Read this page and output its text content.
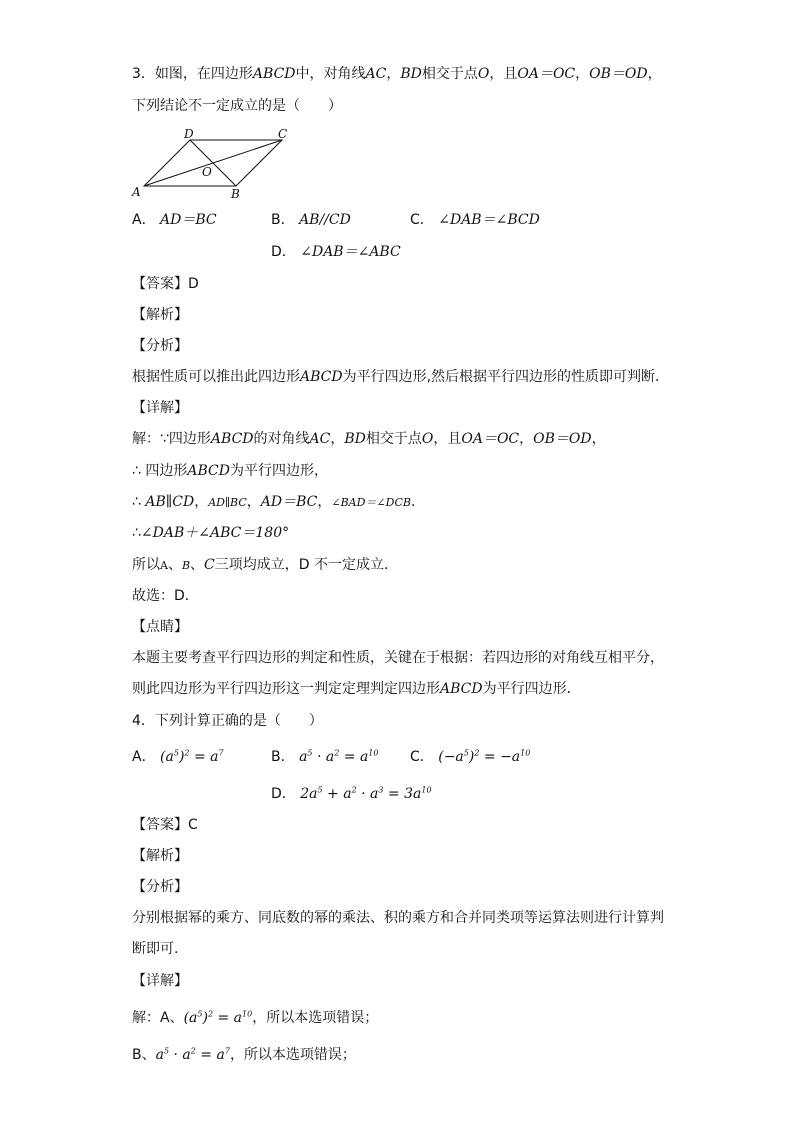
3．如图，在四边形ABCD中，对角线AC，BD相交于点O，且OA＝OC，OB＝OD，
下列结论不一定成立的是（　　）
D	C
O
A	B
A． AD＝BC	B． AB//CD	C． ∠DAB＝∠BCD
D． ∠DAB＝∠ABC
【答案】D
【解析】
【分析】
根据性质可以推出此四边形ABCD为平行四边形,然后根据平行四边形的性质即可判断．
【详解】
解：∵四边形ABCD的对角线AC，BD相交于点O，且OA＝OC，OB＝OD，
∴ 四边形ABCD为平行四边形，
∴ AB∥CD，AD∥BC，AD＝BC，∠BAD＝∠DCB．
∴∠DAB＋∠ABC＝180°
所以A、B、C三项均成立，D 不一定成立．
故选：D．
【点睛】
本题主要考查平行四边形的判定和性质，关键在于根据：若四边形的对角线互相平分，
则此四边形为平行四边形这一判定定理判定四边形ABCD为平行四边形．
4．下列计算正确的是（　　）
A． $(a^5)^2 = a^7$	B． $a^5 \cdot a^2 = a^{10}$ C． $(-a^5)^2 = -a^{10}$
D． $2a^5 + a^2 \cdot a^3 = 3a^{10}$
【答案】C
【解析】
【分析】
分别根据幂的乘方、同底数的幂的乘法、积的乘方和合并同类项等运算法则进行计算判
断即可.
【详解】
解：A、$(a^5)^2 = a^{10}$，所以本选项错误；
B、$a^5 \cdot a^2 = a^7$，所以本选项错误；
